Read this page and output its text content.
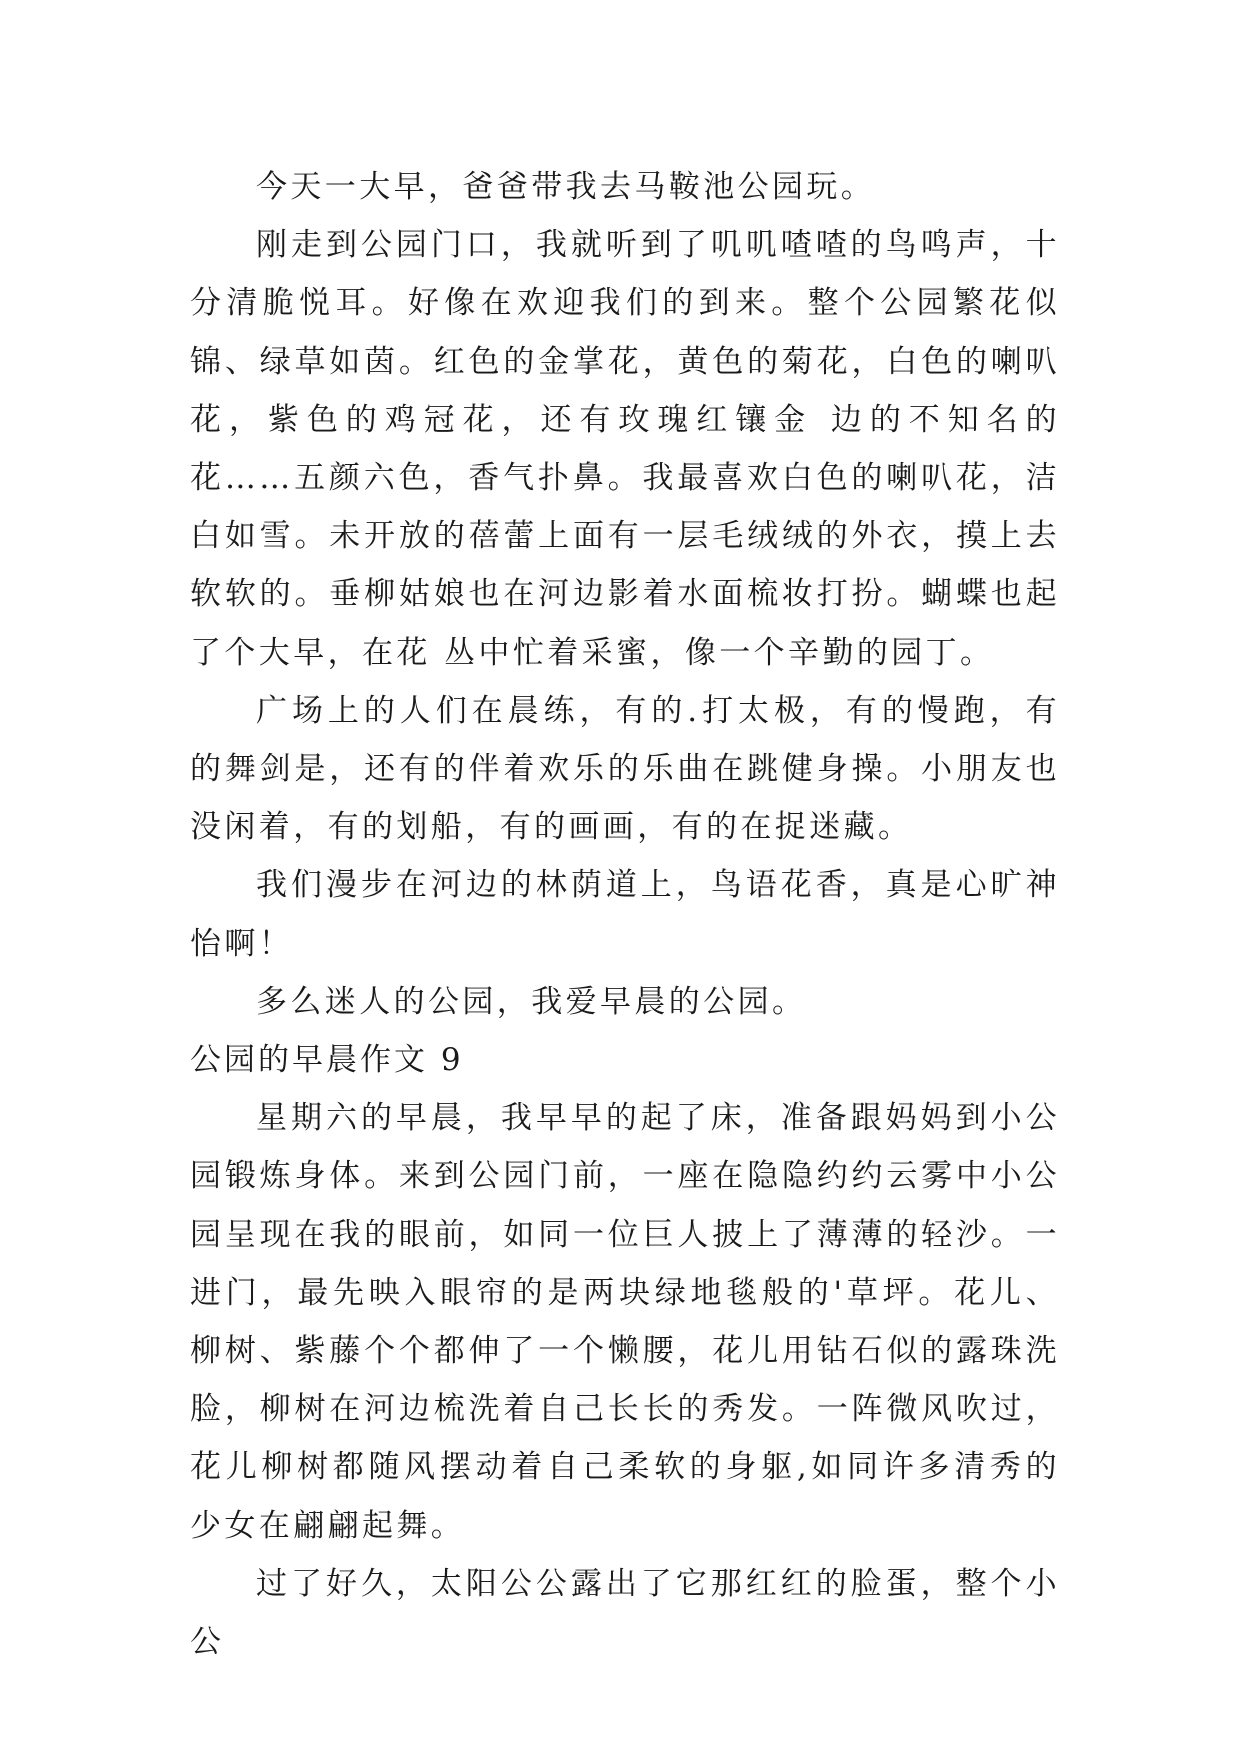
今天一大早，爸爸带我去马鞍池公园玩。

刚走到公园门口，我就听到了叽叽喳喳的鸟鸣声，十分清脆悦耳。好像在欢迎我们的到来。整个公园繁花似锦、绿草如茵。红色的金掌花，黄色的菊花，白色的喇叭花，紫色的鸡冠花，还有玫瑰红镶金 边的不知名的花……五颜六色，香气扑鼻。我最喜欢白色的喇叭花，洁白如雪。未开放的蓓蕾上面有一层毛绒绒的外衣，摸上去软软的。垂柳姑娘也在河边影着水面梳妆打扮。蝴蝶也起了个大早，在花 丛中忙着采蜜，像一个辛勤的园丁。

广场上的人们在晨练，有的.打太极，有的慢跑，有的舞剑是，还有的伴着欢乐的乐曲在跳健身操。小朋友也没闲着，有的划船，有的画画，有的在捉迷藏。

我们漫步在河边的林荫道上，鸟语花香，真是心旷神怡啊！

多么迷人的公园，我爱早晨的公园。

公园的早晨作文 9

星期六的早晨，我早早的起了床，准备跟妈妈到小公园锻炼身体。来到公园门前，一座在隐隐约约云雾中小公园呈现在我的眼前，如同一位巨人披上了薄薄的轻沙。一进门，最先映入眼帘的是两块绿地毯般的'草坪。花儿、柳树、紫藤个个都伸了一个懒腰，花儿用钻石似的露珠洗脸，柳树在河边梳洗着自己长长的秀发。一阵微风吹过，花儿柳树都随风摆动着自己柔软的身躯,如同许多清秀的少女在翩翩起舞。

过了好久，太阳公公露出了它那红红的脸蛋，整个小公
